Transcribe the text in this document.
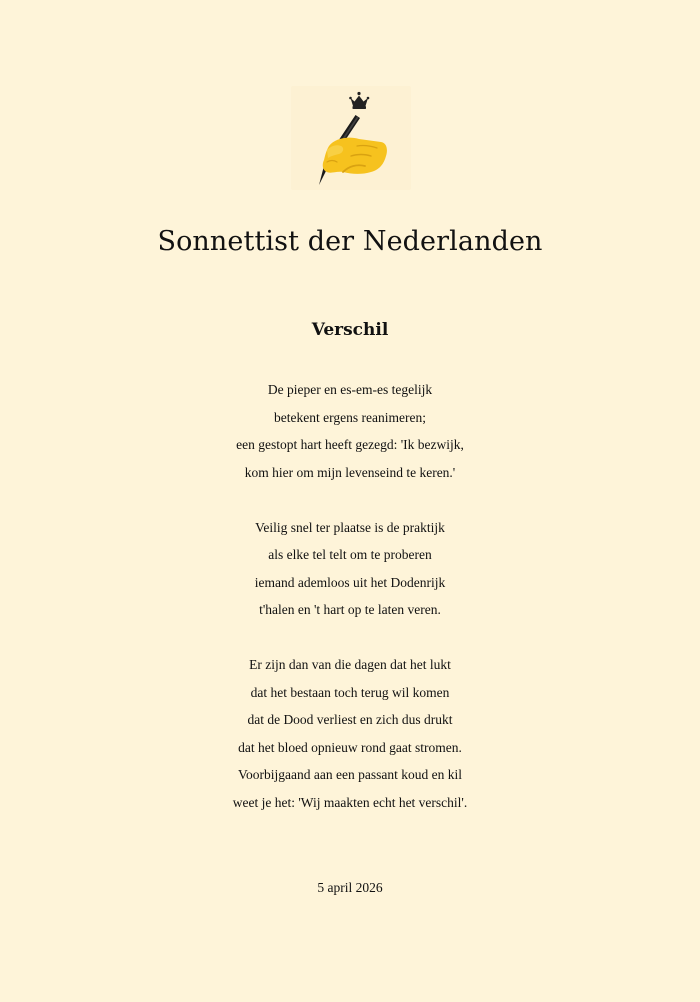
Sonnettist der Nederlanden
Verschil
De pieper en es-em-es tegelijk
betekent ergens reanimeren;
een gestopt hart heeft gezegd: 'Ik bezwijk,
kom hier om mijn levenseind te keren.'
Veilig snel ter plaatse is de praktijk
als elke tel telt om te proberen
iemand ademloos uit het Dodenrijk
t'halen en 't hart op te laten veren.
Er zijn dan van die dagen dat het lukt
dat het bestaan toch terug wil komen
dat de Dood verliest en zich dus drukt
dat het bloed opnieuw rond gaat stromen.
Voorbijgaand aan een passant koud en kil
weet je het: 'Wij maakten echt het verschil'.
5 april 2026
